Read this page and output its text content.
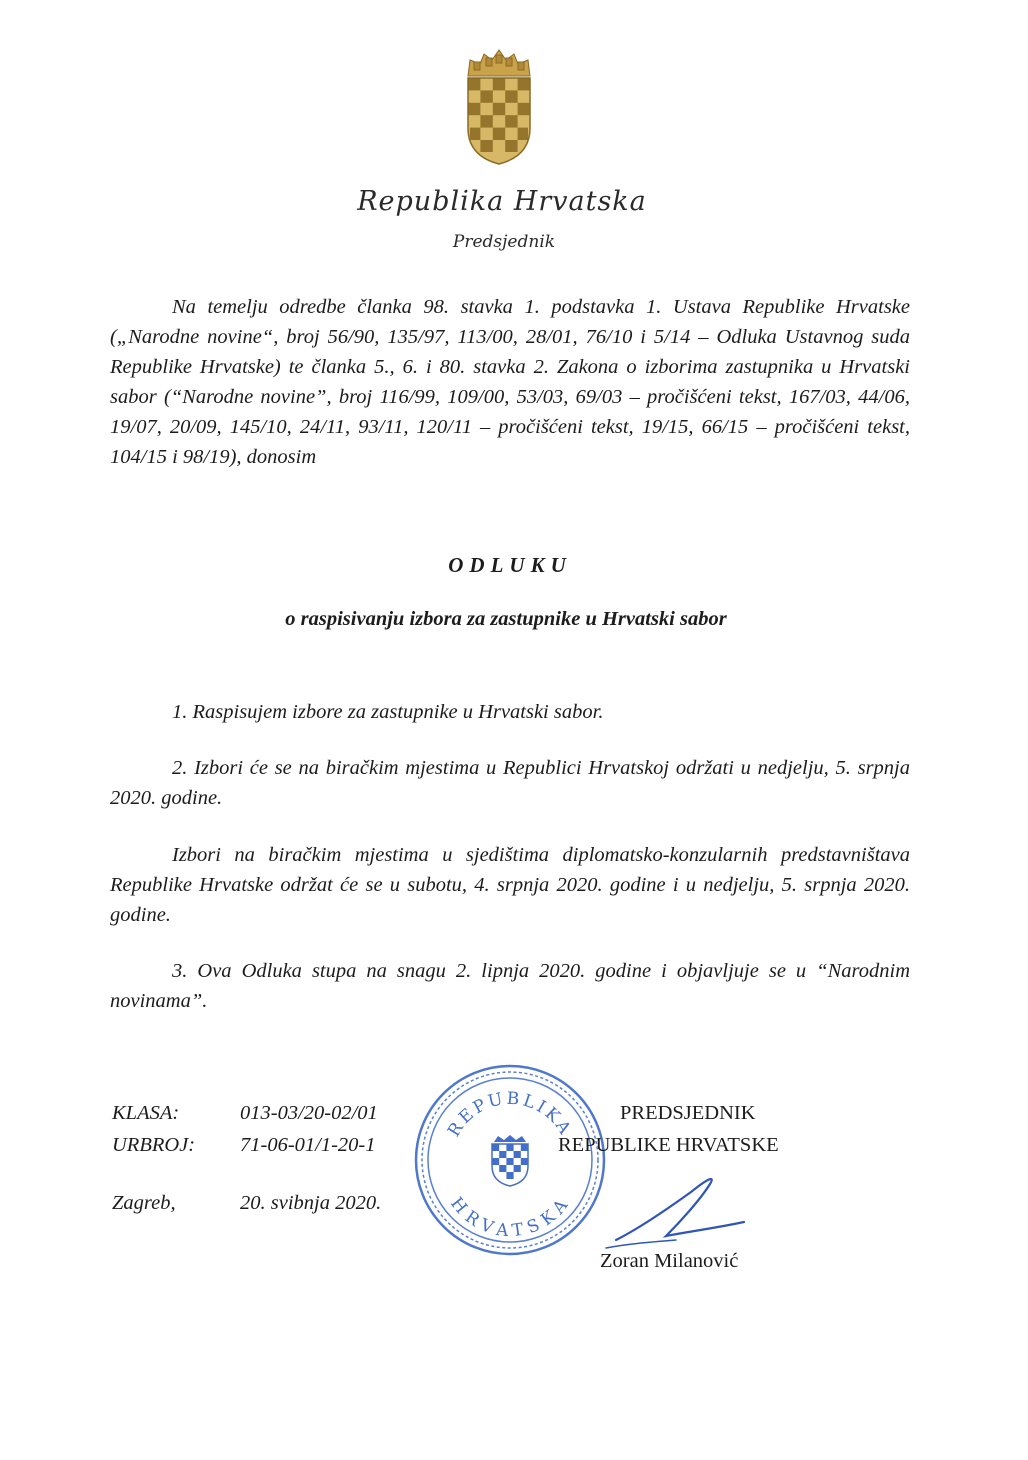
Republika Hrvatska
Predsjednik

Na temelju odredbe članka 98. stavka 1. podstavka 1. Ustava Republike Hrvatske („Narodne novine“, broj 56/90, 135/97, 113/00, 28/01, 76/10 i 5/14 – Odluka Ustavnog suda Republike Hrvatske) te članka 5., 6. i 80. stavka 2. Zakona o izborima zastupnika u Hrvatski sabor (“Narodne novine”, broj 116/99, 109/00, 53/03, 69/03 – pročišćeni tekst, 167/03, 44/06, 19/07, 20/09, 145/10, 24/11, 93/11, 120/11 – pročišćeni tekst, 19/15, 66/15 – pročišćeni tekst, 104/15 i 98/19), donosim

ODLUKU
o raspisivanju izbora za zastupnike u Hrvatski sabor

1. Raspisujem izbore za zastupnike u Hrvatski sabor.

2. Izbori će se na biračkim mjestima u Republici Hrvatskoj održati u nedjelju, 5. srpnja 2020. godine.

Izbori na biračkim mjestima u sjedištima diplomatsko-konzularnih predstavništava Republike Hrvatske održat će se u subotu, 4. srpnja 2020. godine i u nedjelju, 5. srpnja 2020. godine.

3. Ova Odluka stupa na snagu 2. lipnja 2020. godine i objavljuje se u “Narodnim novinama”.

KLASA:	013-03/20-02/01
URBROJ: 71-06-01/1-20-1
Zagreb,	20. svibnja 2020.
REPUBLIKA
HRVATSKA
PREDSJEDNIK
REPUBLIKE HRVATSKE
Zoran Milanović
